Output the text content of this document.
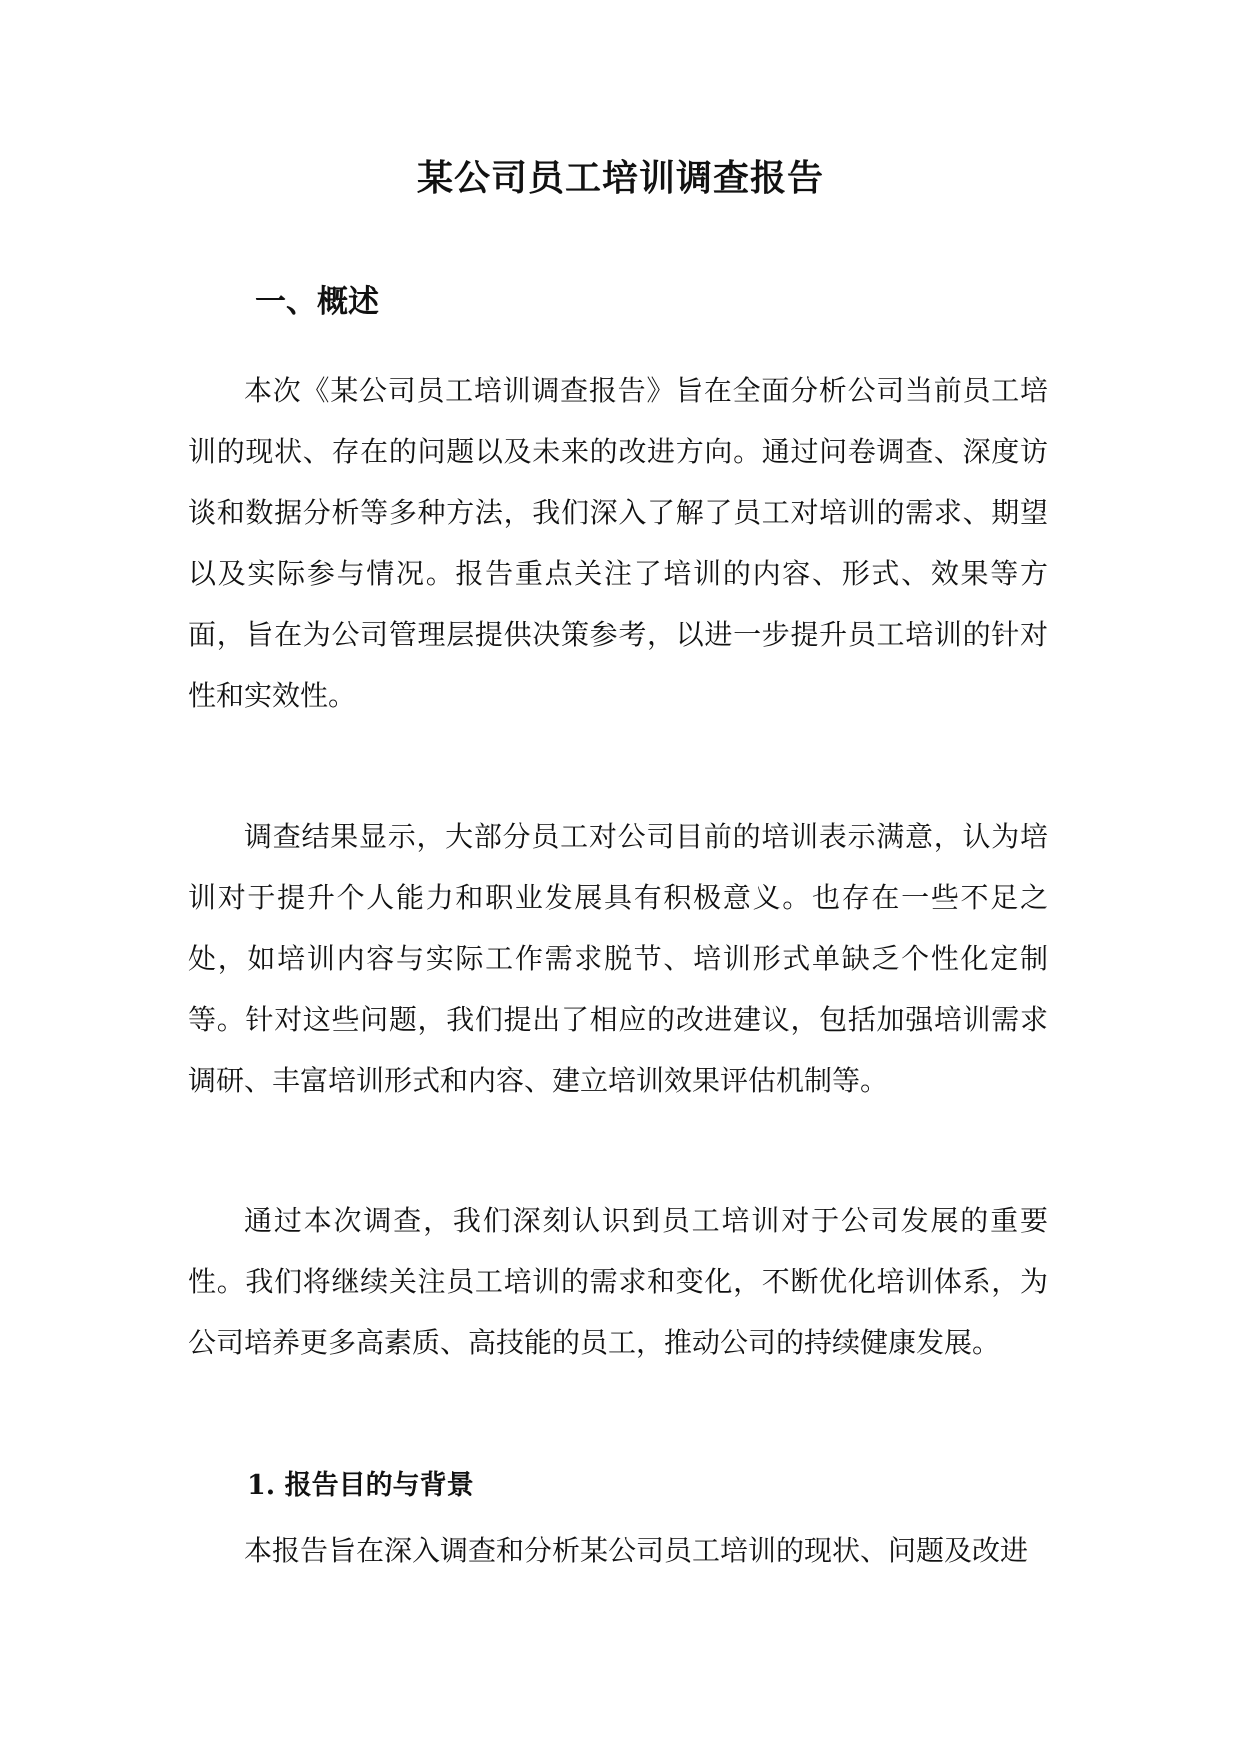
某公司员工培训调查报告
一、概述

本次《某公司员工培训调查报告》旨在全面分析公司当前员工培训的现状、存在的问题以及未来的改进方向。通过问卷调查、深度访谈和数据分析等多种方法，我们深入了解了员工对培训的需求、期望以及实际参与情况。报告重点关注了培训的内容、形式、效果等方面，旨在为公司管理层提供决策参考，以进一步提升员工培训的针对性和实效性。

调查结果显示，大部分员工对公司目前的培训表示满意，认为培训对于提升个人能力和职业发展具有积极意义。也存在一些不足之处，如培训内容与实际工作需求脱节、培训形式单缺乏个性化定制等。针对这些问题，我们提出了相应的改进建议，包括加强培训需求调研、丰富培训形式和内容、建立培训效果评估机制等。

通过本次调查，我们深刻认识到员工培训对于公司发展的重要性。我们将继续关注员工培训的需求和变化，不断优化培训体系，为公司培养更多高素质、高技能的员工，推动公司的持续健康发展。

1. 报告目的与背景

本报告旨在深入调查和分析某公司员工培训的现状、问题及改进
